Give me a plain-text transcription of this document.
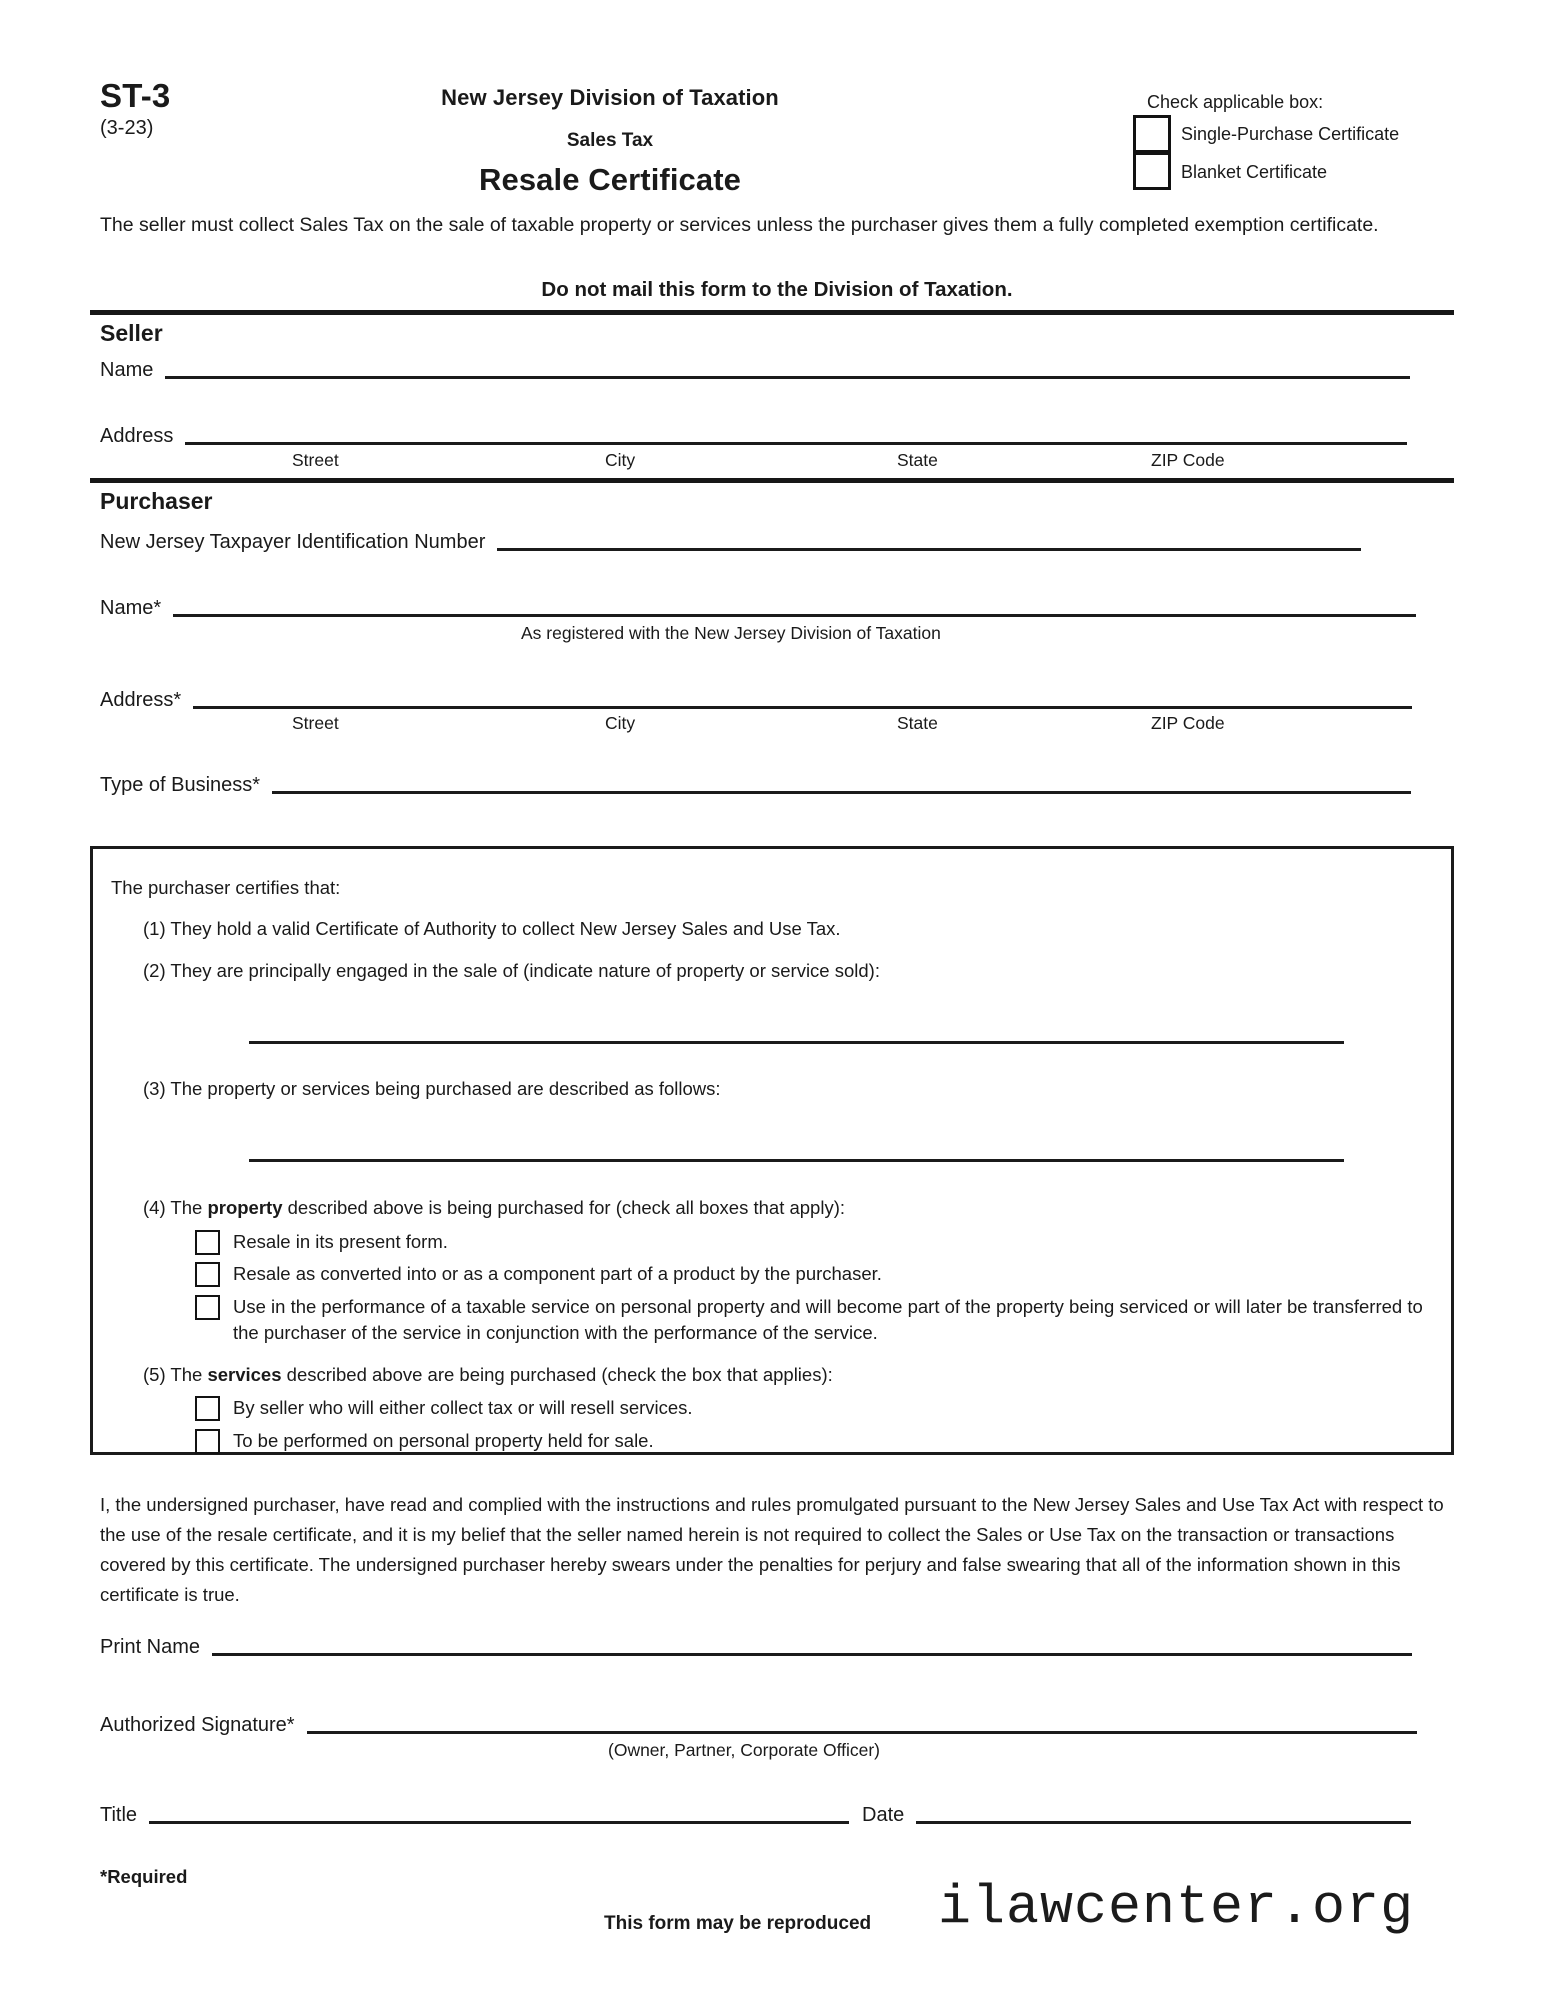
ST-3
(3-23)
New Jersey Division of Taxation
Sales Tax
Resale Certificate
Check applicable box:
Single-Purchase Certificate
Blanket Certificate
The seller must collect Sales Tax on the sale of taxable property or services unless the purchaser gives them a fully completed exemption certificate.
Do not mail this form to the Division of Taxation.
Seller
Name
Address
Street	City	State	ZIP Code
Purchaser
New Jersey Taxpayer Identification Number
Name*
As registered with the New Jersey Division of Taxation
Address*
Street	City	State	ZIP Code
Type of Business*
The purchaser certifies that:
(1) They hold a valid Certificate of Authority to collect New Jersey Sales and Use Tax.
(2) They are principally engaged in the sale of (indicate nature of property or service sold):
(3) The property or services being purchased are described as follows:
(4) The property described above is being purchased for (check all boxes that apply):
Resale in its present form.
Resale as converted into or as a component part of a product by the purchaser.
Use in the performance of a taxable service on personal property and will become part of the property being serviced or will later be transferred to the purchaser of the service in conjunction with the performance of the service.
(5) The services described above are being purchased (check the box that applies):
By seller who will either collect tax or will resell services.
To be performed on personal property held for sale.
I, the undersigned purchaser, have read and complied with the instructions and rules promulgated pursuant to the New Jersey Sales and Use Tax Act with respect to the use of the resale certificate, and it is my belief that the seller named herein is not required to collect the Sales or Use Tax on the transaction or transactions covered by this certificate. The undersigned purchaser hereby swears under the penalties for perjury and false swearing that all of the information shown in this certificate is true.
Print Name
Authorized Signature*
(Owner, Partner, Corporate Officer)
Title	Date
*Required
This form may be reproduced ilawcenter.org
